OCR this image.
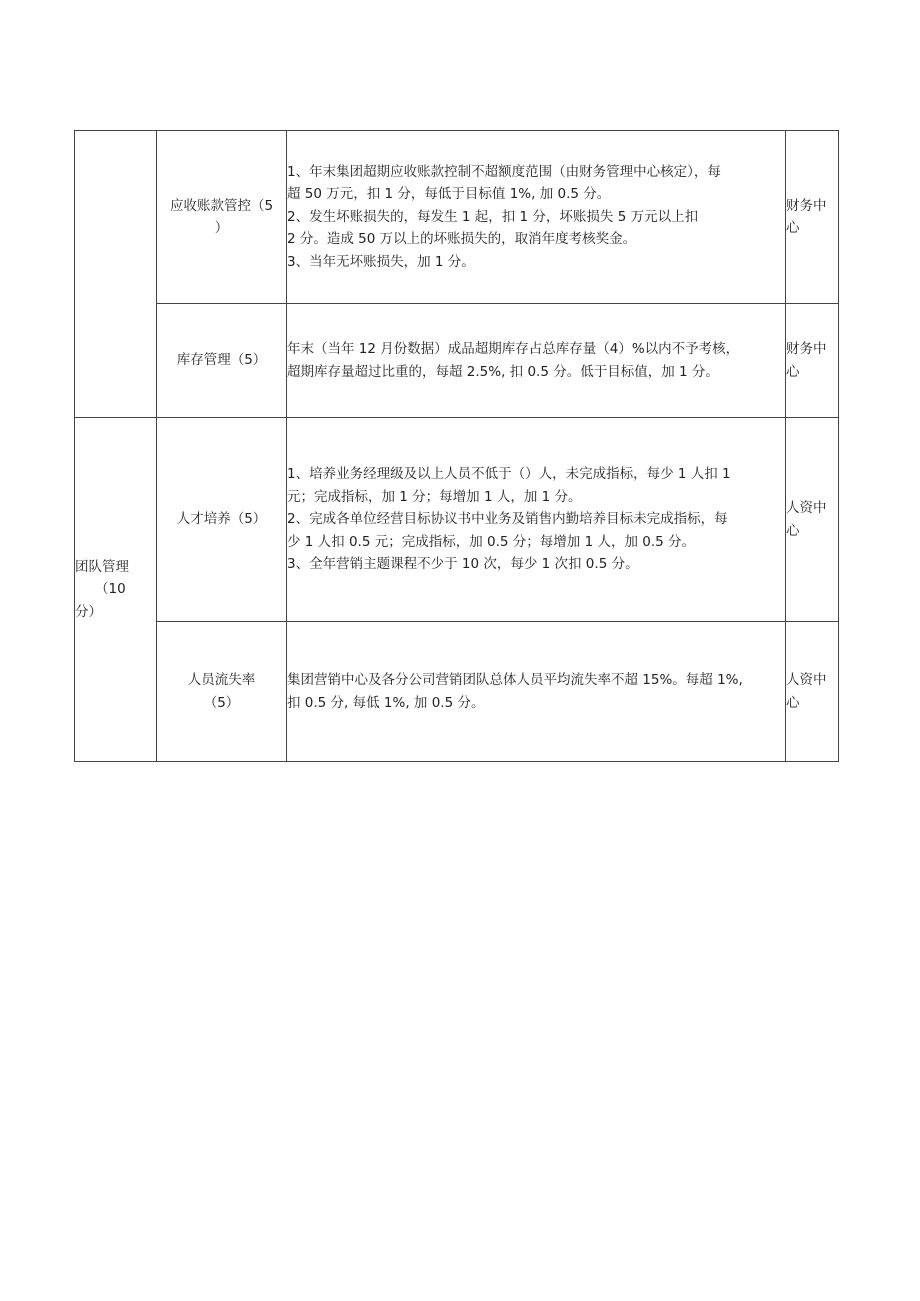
	应收账款管控（5
）	1、年末集团超期应收账款控制不超额度范围（由财务管理中心核定），每
超 50 万元，扣 1 分，每低于目标值 1%, 加 0.5 分。
2、发生坏账损失的，每发生 1 起，扣 1 分，坏账损失 5 万元以上扣
2 分。造成 50 万以上的坏账损失的，取消年度考核奖金。
3、当年无坏账损失，加 1 分。	财务中心

	库存管理（5）	年末（当年 12 月份数据）成品超期库存占总库存量（4）%以内不予考核，
超期库存量超过比重的，每超 2.5%, 扣 0.5 分。低于目标值，加 1 分。	财务中心

团队管理
（10
分）	人才培养（5）	1、培养业务经理级及以上人员不低于（）人，未完成指标，每少 1 人扣 1
元；完成指标，加 1 分；每增加 1 人，加 1 分。
2、完成各单位经营目标协议书中业务及销售内勤培养目标未完成指标，每
少 1 人扣 0.5 元；完成指标，加 0.5 分；每增加 1 人，加 0.5 分。
3、全年营销主题课程不少于 10 次，每少 1 次扣 0.5 分。	人资中心

	人员流失率
（5）	集团营销中心及各分公司营销团队总体人员平均流失率不超 15%。每超 1%,
扣 0.5 分, 每低 1%, 加 0.5 分。	人资中心
